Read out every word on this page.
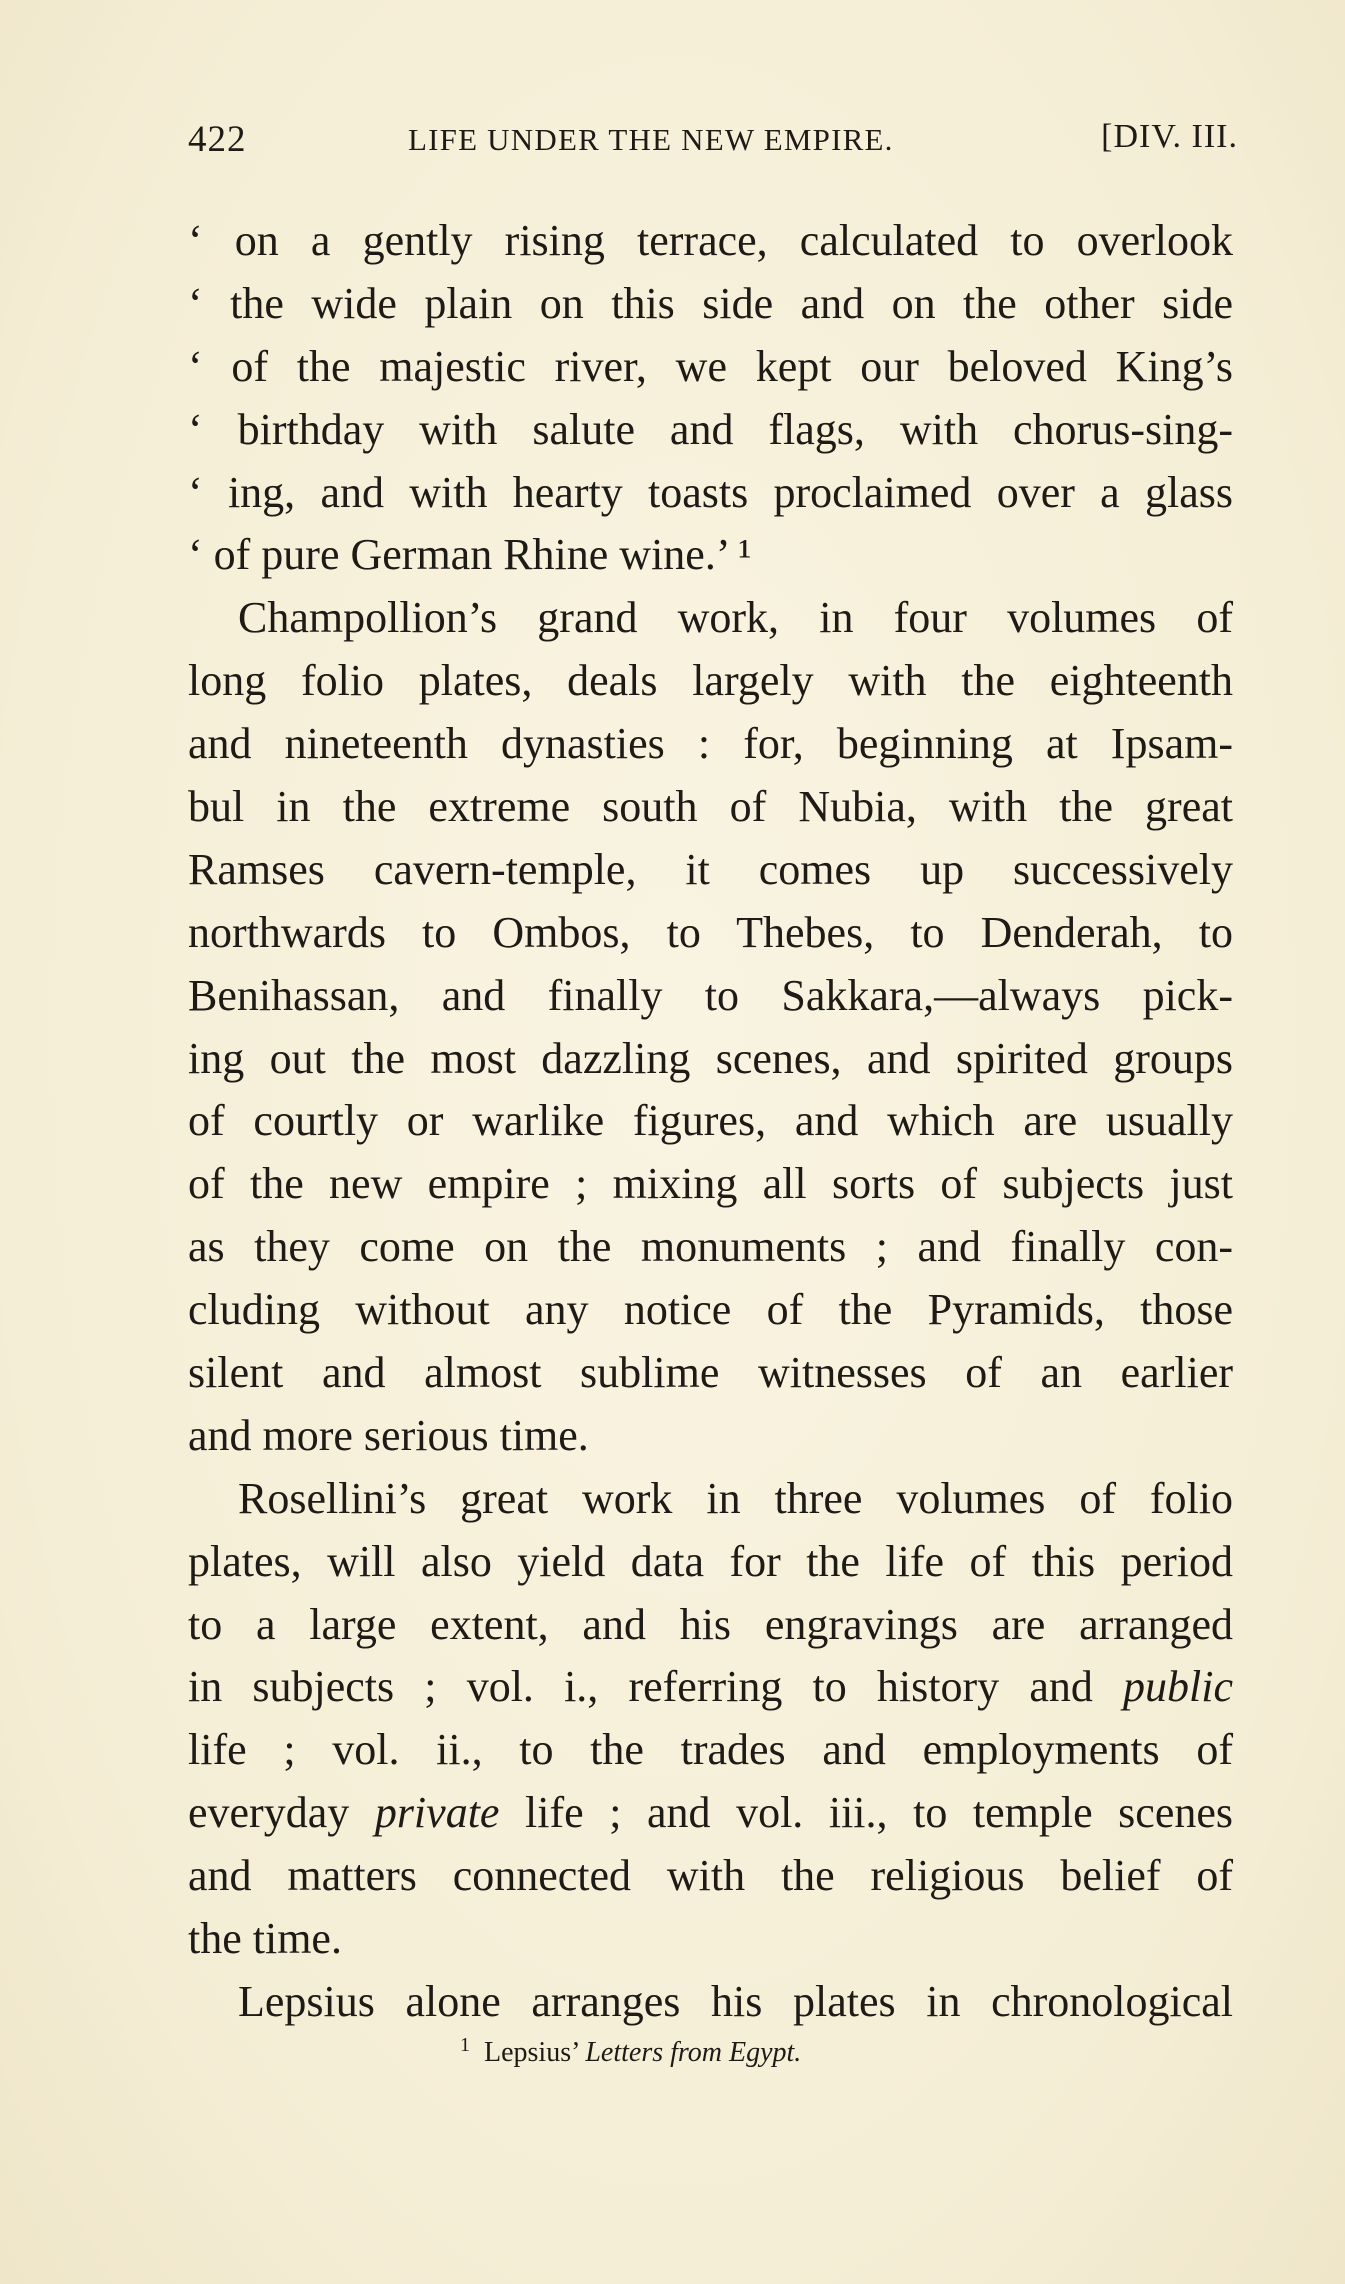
422	LIFE UNDER THE NEW EMPIRE.	[DIV. III.
‘ on a gently rising terrace, calculated to overlook
‘ the wide plain on this side and on the other side
‘ of the majestic river, we kept our beloved King’s
‘ birthday with salute and flags, with chorus-sing-
‘ ing, and with hearty toasts proclaimed over a glass
‘ of pure German Rhine wine.’ ¹
Champollion’s grand work, in four volumes of
long folio plates, deals largely with the eighteenth
and nineteenth dynasties : for, beginning at Ipsam-
bul in the extreme south of Nubia, with the great
Ramses cavern-temple, it comes up successively
northwards to Ombos, to Thebes, to Denderah, to
Benihassan, and finally to Sakkara,—always pick-
ing out the most dazzling scenes, and spirited groups
of courtly or warlike figures, and which are usually
of the new empire ; mixing all sorts of subjects just
as they come on the monuments ; and finally con-
cluding without any notice of the Pyramids, those
silent and almost sublime witnesses of an earlier
and more serious time.
Rosellini’s great work in three volumes of folio
plates, will also yield data for the life of this period
to a large extent, and his engravings are arranged
in subjects ; vol. i., referring to history and public
life ; vol. ii., to the trades and employments of
everyday private life ; and vol. iii., to temple scenes
and matters connected with the religious belief of
the time.
Lepsius alone arranges his plates in chronological
$^1$ Lepsius’ Letters from Egypt.
